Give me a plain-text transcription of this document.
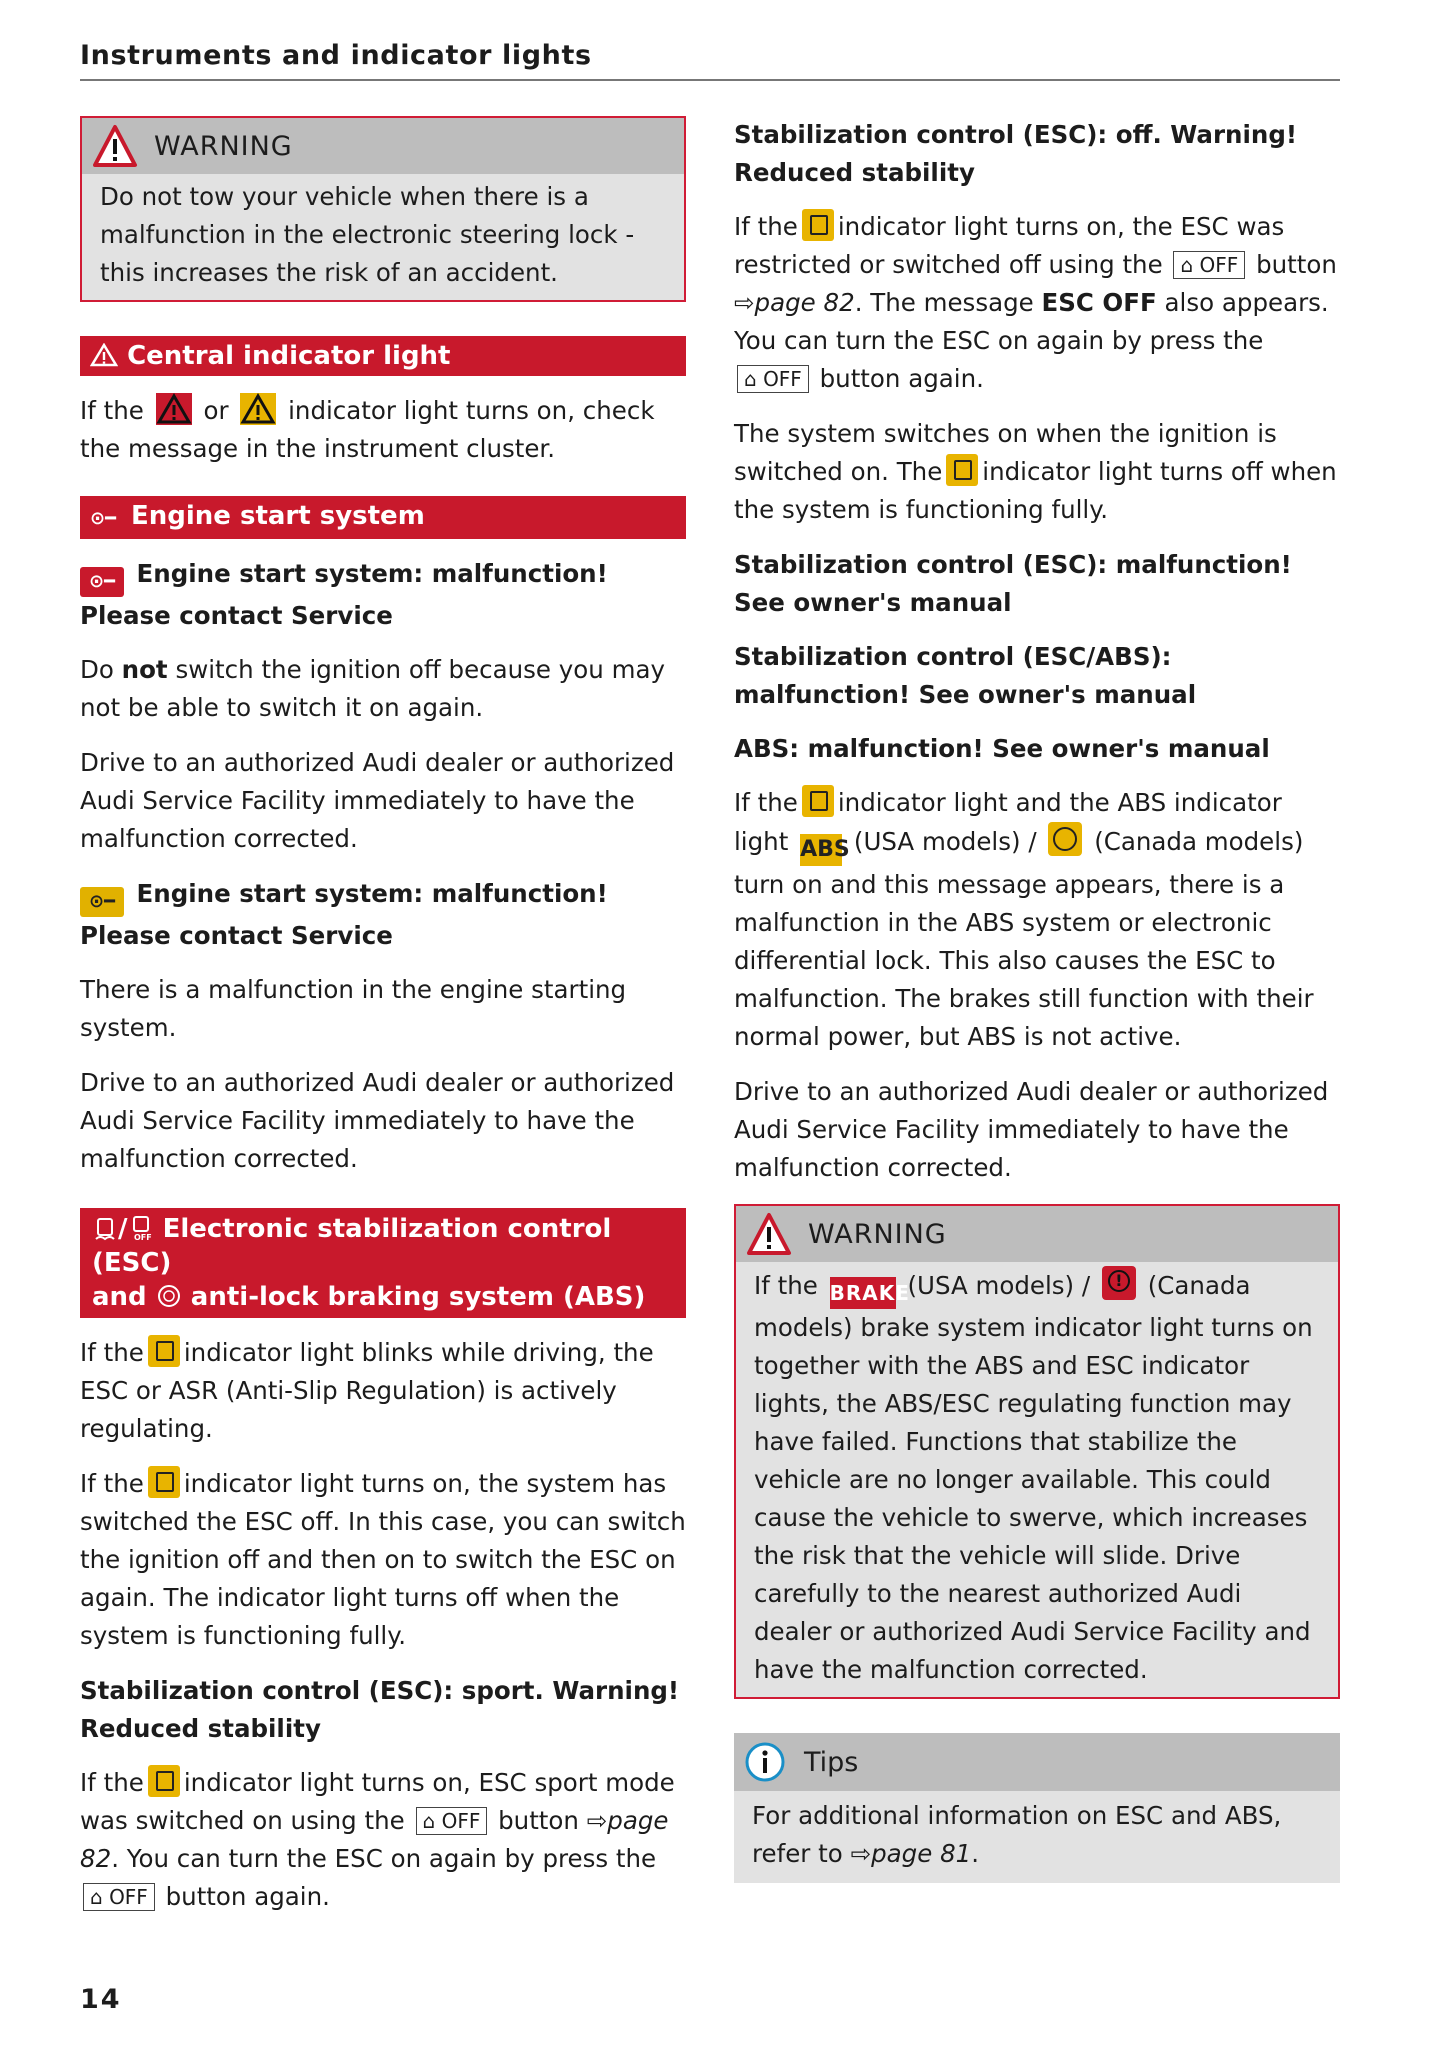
Instruments and indicator lights
WARNING

Do not tow your vehicle when there is a malfunction in the electronic steering lock - this increases the risk of an accident.

Central indicator light

If the or indicator light turns on, check the message in the instrument cluster.

⊙━ Engine start system
⊙━ Engine start system: malfunction! Please contact Service

Do not switch the ignition off because you may not be able to switch it on again.

Drive to an authorized Audi dealer or authorized Audi Service Facility immediately to have the malfunction corrected.

⊙━ Engine start system: malfunction! Please contact Service

There is a malfunction in the engine starting system.

Drive to an authorized Audi dealer or authorized Audi Service Facility immediately to have the malfunction corrected.

/ OFF Electronic stabilization control (ESC)
and anti-lock braking system (ABS)

If the indicator light blinks while driving, the ESC or ASR (Anti-Slip Regulation) is actively regulating.

If the indicator light turns on, the system has switched the ESC off. In this case, you can switch the ignition off and then on to switch the ESC on again. The indicator light turns off when the system is functioning fully.

Stabilization control (ESC): sport. Warning! Reduced stability

If the indicator light turns on, ESC sport mode was switched on using the ⌂ OFF button ⇨page 82. You can turn the ESC on again by press the ⌂ OFF button again.

Stabilization control (ESC): off. Warning! Reduced stability

If the indicator light turns on, the ESC was restricted or switched off using the ⌂ OFF button ⇨page 82. The message ESC OFF also appears. You can turn the ESC on again by press the ⌂ OFF button again.

The system switches on when the ignition is switched on. The indicator light turns off when the system is functioning fully.

Stabilization control (ESC): malfunction! See owner's manual
Stabilization control (ESC/ABS): malfunction! See owner's manual
ABS: malfunction! See owner's manual

If the indicator light and the ABS indicator light ABS (USA models) / (Canada models) turn on and this message appears, there is a malfunction in the ABS system or electronic differential lock. This also causes the ESC to malfunction. The brakes still function with their normal power, but ABS is not active.

Drive to an authorized Audi dealer or authorized Audi Service Facility immediately to have the malfunction corrected.

WARNING

If the BRAKE (USA models) / ! (Canada models) brake system indicator light turns on together with the ABS and ESC indicator lights, the ABS/ESC regulating function may have failed. Functions that stabilize the vehicle are no longer available. This could cause the vehicle to swerve, which increases the risk that the vehicle will slide. Drive carefully to the nearest authorized Audi dealer or authorized Audi Service Facility and have the malfunction corrected.

Tips

For additional information on ESC and ABS, refer to ⇨page 81.

14
